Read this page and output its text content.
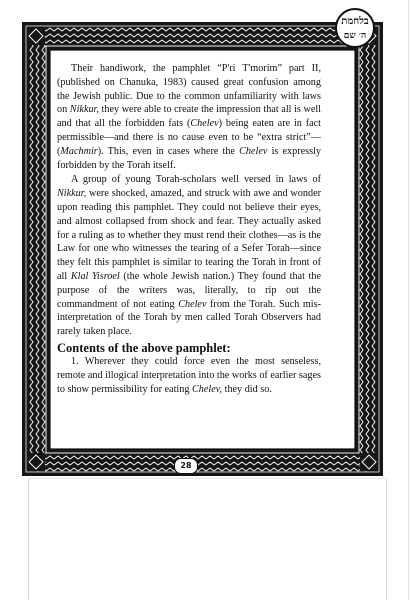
בלחמת
ה׳ שם

Their handiwork, the pamphlet “P'ri T'morim” part II, (published on Chanuka, 1983) caused great confusion among the Jewish public. Due to the common unfamiliarity with laws on Nikkur, they were able to create the impression that all is well and that all the forbidden fats (Chelev) being eaten are in fact permissible—and there is no cause even to be “extra strict”—(Machmir). This, even in cases where the Chelev is expressly forbidden by the Torah itself.

A group of young Torah-scholars well versed in laws of Nikkur, were shocked, amazed, and struck with awe and wonder upon reading this pamphlet. They could not believe their eyes, and almost collapsed from shock and fear. They actually asked for a ruling as to whether they must rend their clothes—as is the Law for one who witnesses the tearing of a Sefer Torah—since they felt this pamphlet is similar to tearing the Torah in front of all Klal Yisroel (the whole Jewish nation.) They found that the purpose of the writers was, literally, to rip out the commandment of not eating Chelev from the Torah. Such mis-interpretation of the Torah by men called Torah Observers had rarely taken place.

Contents of the above pamphlet:

1. Wherever they could force even the most senseless, remote and illogical interpretation into the works of earlier sages to show permissibility for eating Chelev, they did so.

28
